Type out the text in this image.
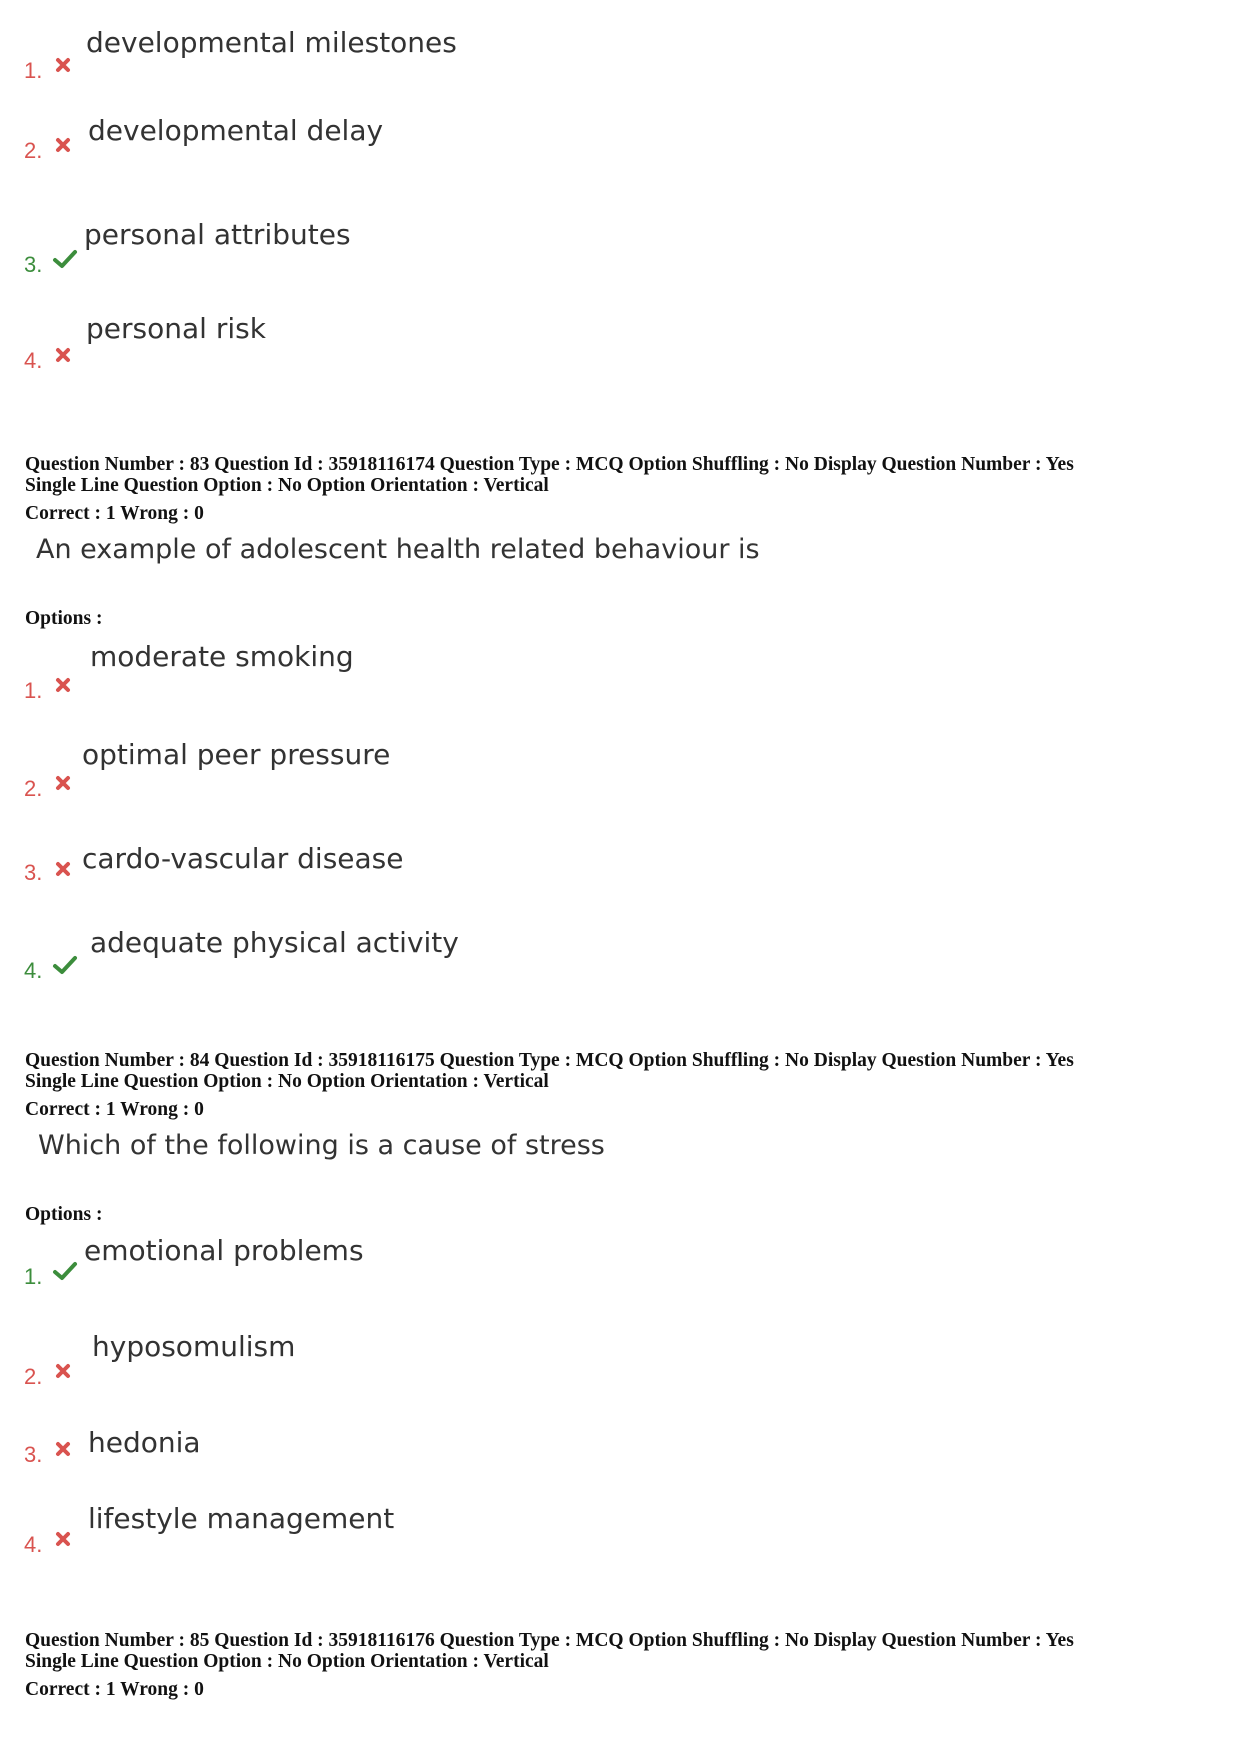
1.
developmental milestones
2.
developmental delay
3.
personal attributes
4.
personal risk
Question Number : 83 Question Id : 35918116174 Question Type : MCQ Option Shuffling : No Display Question Number : Yes
Single Line Question Option : No Option Orientation : Vertical
Correct : 1 Wrong : 0
An example of adolescent health related behaviour is
Options :
1.
moderate smoking
2.
optimal peer pressure
3. cardo-vascular disease
4.
adequate physical activity
Question Number : 84 Question Id : 35918116175 Question Type : MCQ Option Shuffling : No Display Question Number : Yes
Single Line Question Option : No Option Orientation : Vertical
Correct : 1 Wrong : 0
Which of the following is a cause of stress
Options :
1.
emotional problems
2.
hyposomulism
3. hedonia
4.
lifestyle management
Question Number : 85 Question Id : 35918116176 Question Type : MCQ Option Shuffling : No Display Question Number : Yes
Single Line Question Option : No Option Orientation : Vertical
Correct : 1 Wrong : 0
